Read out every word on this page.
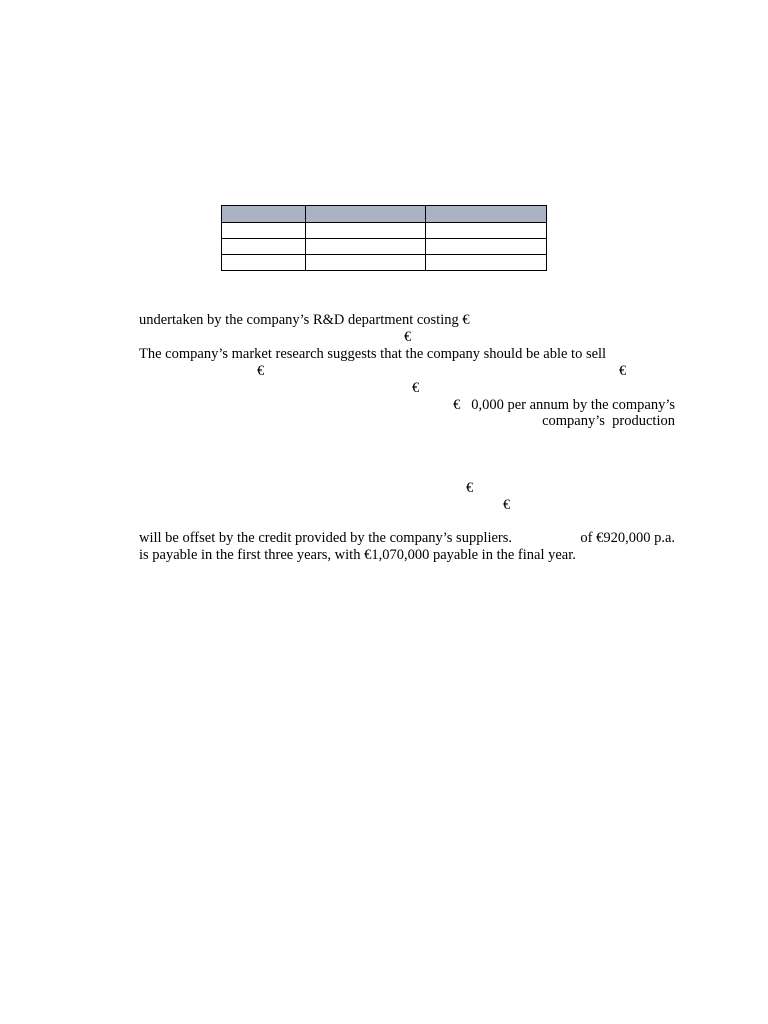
undertaken by the company’s R&D department costing €
€
The company’s market research suggests that the company should be able to sell
€	€
€
€   0,000 per annum by the company’s
company’s  production
€
€
will be offset by the credit provided by the company’s suppliers.	of €920,000 p.a.
is payable in the first three years, with €1,070,000 payable in the final year.
